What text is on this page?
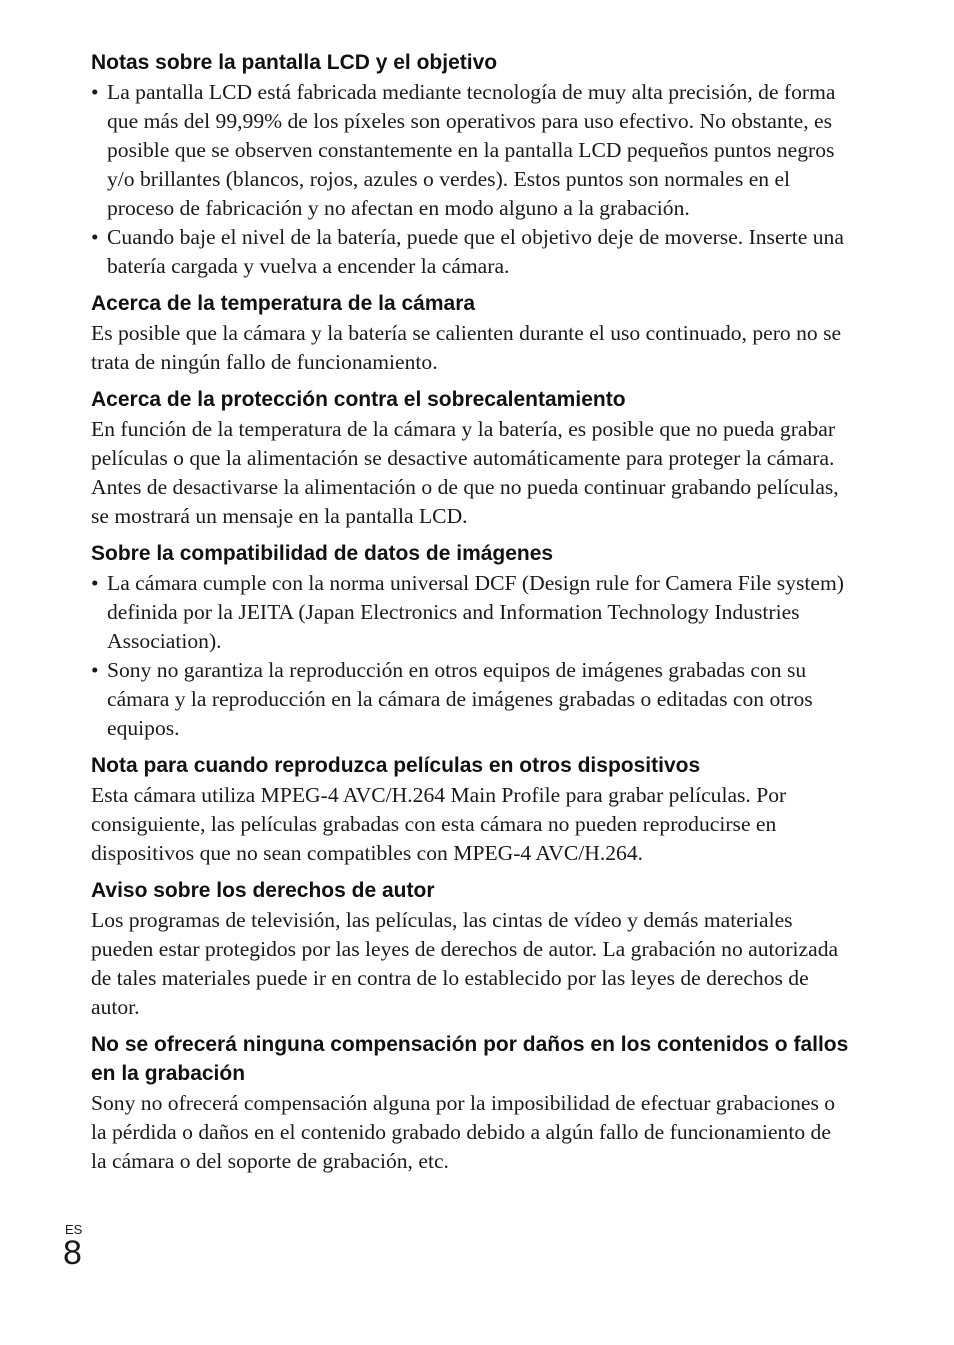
Notas sobre la pantalla LCD y el objetivo
• La pantalla LCD está fabricada mediante tecnología de muy alta precisión, de forma que más del 99,99% de los píxeles son operativos para uso efectivo. No obstante, es posible que se observen constantemente en la pantalla LCD pequeños puntos negros y/o brillantes (blancos, rojos, azules o verdes). Estos puntos son normales en el proceso de fabricación y no afectan en modo alguno a la grabación.
• Cuando baje el nivel de la batería, puede que el objetivo deje de moverse. Inserte una batería cargada y vuelva a encender la cámara.
Acerca de la temperatura de la cámara

Es posible que la cámara y la batería se calienten durante el uso continuado, pero no se trata de ningún fallo de funcionamiento.

Acerca de la protección contra el sobrecalentamiento

En función de la temperatura de la cámara y la batería, es posible que no pueda grabar películas o que la alimentación se desactive automáticamente para proteger la cámara.

Antes de desactivarse la alimentación o de que no pueda continuar grabando películas, se mostrará un mensaje en la pantalla LCD.

Sobre la compatibilidad de datos de imágenes
• La cámara cumple con la norma universal DCF (Design rule for Camera File system) definida por la JEITA (Japan Electronics and Information Technology Industries Association).
• Sony no garantiza la reproducción en otros equipos de imágenes grabadas con su cámara y la reproducción en la cámara de imágenes grabadas o editadas con otros equipos.
Nota para cuando reproduzca películas en otros dispositivos

Esta cámara utiliza MPEG-4 AVC/H.264 Main Profile para grabar películas. Por consiguiente, las películas grabadas con esta cámara no pueden reproducirse en dispositivos que no sean compatibles con MPEG-4 AVC/H.264.

Aviso sobre los derechos de autor

Los programas de televisión, las películas, las cintas de vídeo y demás materiales pueden estar protegidos por las leyes de derechos de autor. La grabación no autorizada de tales materiales puede ir en contra de lo establecido por las leyes de derechos de autor.

No se ofrecerá ninguna compensación por daños en los contenidos o fallos en la grabación

Sony no ofrecerá compensación alguna por la imposibilidad de efectuar grabaciones o la pérdida o daños en el contenido grabado debido a algún fallo de funcionamiento de la cámara o del soporte de grabación, etc.

ES
8
